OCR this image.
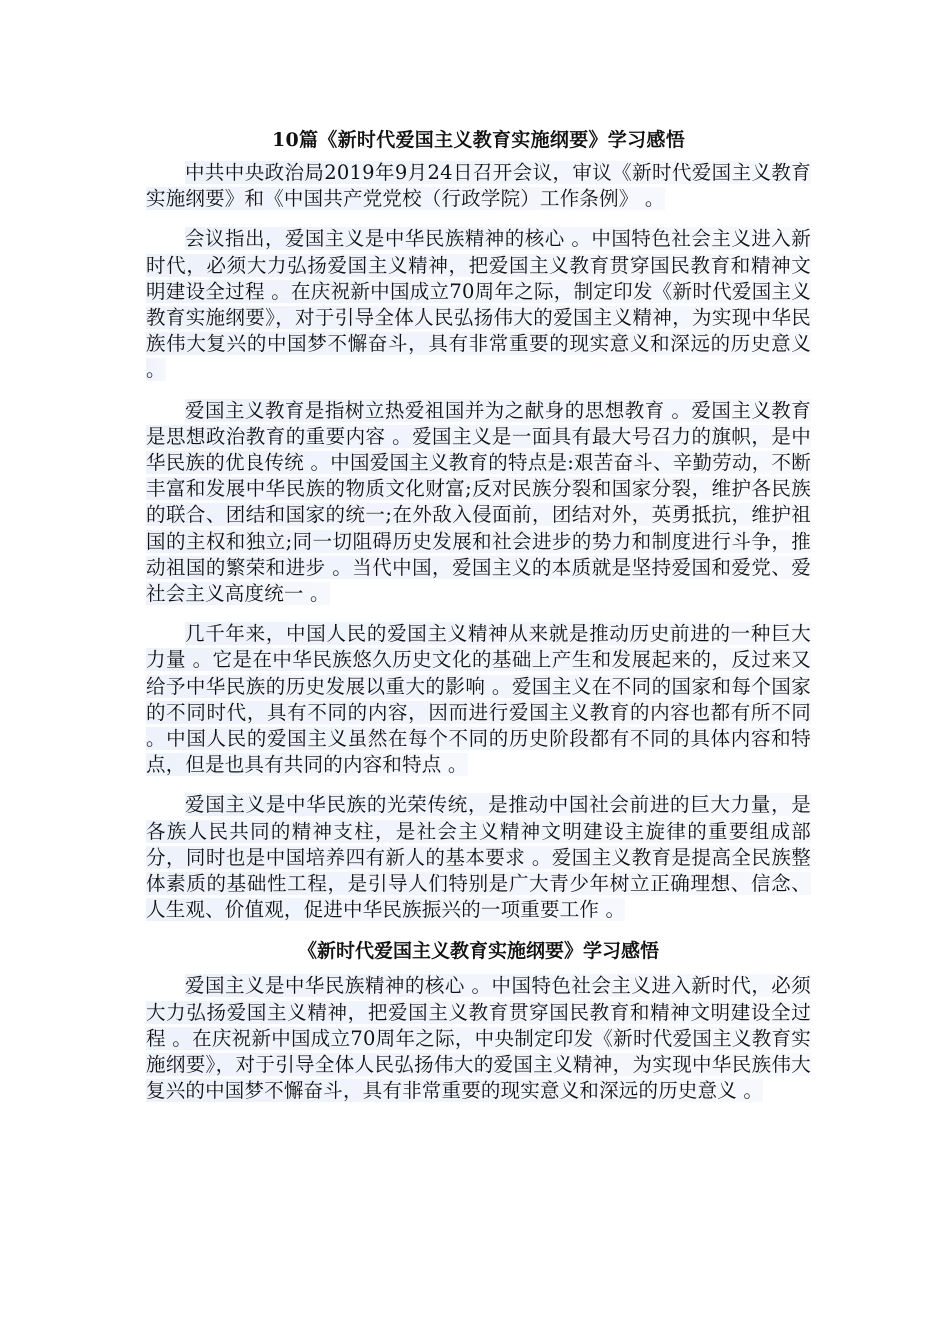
10篇《新时代爱国主义教育实施纲要》学习感悟

中共中央政治局2019年9月24日召开会议，审议《新时代爱国主义教育实施纲要》和《中国共产党党校（行政学院）工作条例》 。

会议指出，爱国主义是中华民族精神的核心 。中国特色社会主义进入新时代，必须大力弘扬爱国主义精神，把爱国主义教育贯穿国民教育和精神文明建设全过程 。在庆祝新中国成立70周年之际，制定印发《新时代爱国主义教育实施纲要》，对于引导全体人民弘扬伟大的爱国主义精神，为实现中华民族伟大复兴的中国梦不懈奋斗，具有非常重要的现实意义和深远的历史意义 。

爱国主义教育是指树立热爱祖国并为之献身的思想教育 。爱国主义教育是思想政治教育的重要内容 。爱国主义是一面具有最大号召力的旗帜，是中华民族的优良传统 。中国爱国主义教育的特点是:艰苦奋斗、辛勤劳动，不断丰富和发展中华民族的物质文化财富;反对民族分裂和国家分裂，维护各民族的联合、团结和国家的统一;在外敌入侵面前，团结对外，英勇抵抗，维护祖国的主权和独立;同一切阻碍历史发展和社会进步的势力和制度进行斗争，推动祖国的繁荣和进步 。当代中国，爱国主义的本质就是坚持爱国和爱党、爱社会主义高度统一 。

几千年来，中国人民的爱国主义精神从来就是推动历史前进的一种巨大力量 。它是在中华民族悠久历史文化的基础上产生和发展起来的，反过来又给予中华民族的历史发展以重大的影响 。爱国主义在不同的国家和每个国家的不同时代，具有不同的内容，因而进行爱国主义教育的内容也都有所不同 。中国人民的爱国主义虽然在每个不同的历史阶段都有不同的具体内容和特点，但是也具有共同的内容和特点 。

爱国主义是中华民族的光荣传统，是推动中国社会前进的巨大力量，是各族人民共同的精神支柱，是社会主义精神文明建设主旋律的重要组成部分，同时也是中国培养四有新人的基本要求 。爱国主义教育是提高全民族整体素质的基础性工程，是引导人们特别是广大青少年树立正确理想、信念、人生观、价值观，促进中华民族振兴的一项重要工作 。

《新时代爱国主义教育实施纲要》学习感悟

爱国主义是中华民族精神的核心 。中国特色社会主义进入新时代，必须大力弘扬爱国主义精神，把爱国主义教育贯穿国民教育和精神文明建设全过程 。在庆祝新中国成立70周年之际，中央制定印发《新时代爱国主义教育实施纲要》，对于引导全体人民弘扬伟大的爱国主义精神，为实现中华民族伟大复兴的中国梦不懈奋斗，具有非常重要的现实意义和深远的历史意义 。
